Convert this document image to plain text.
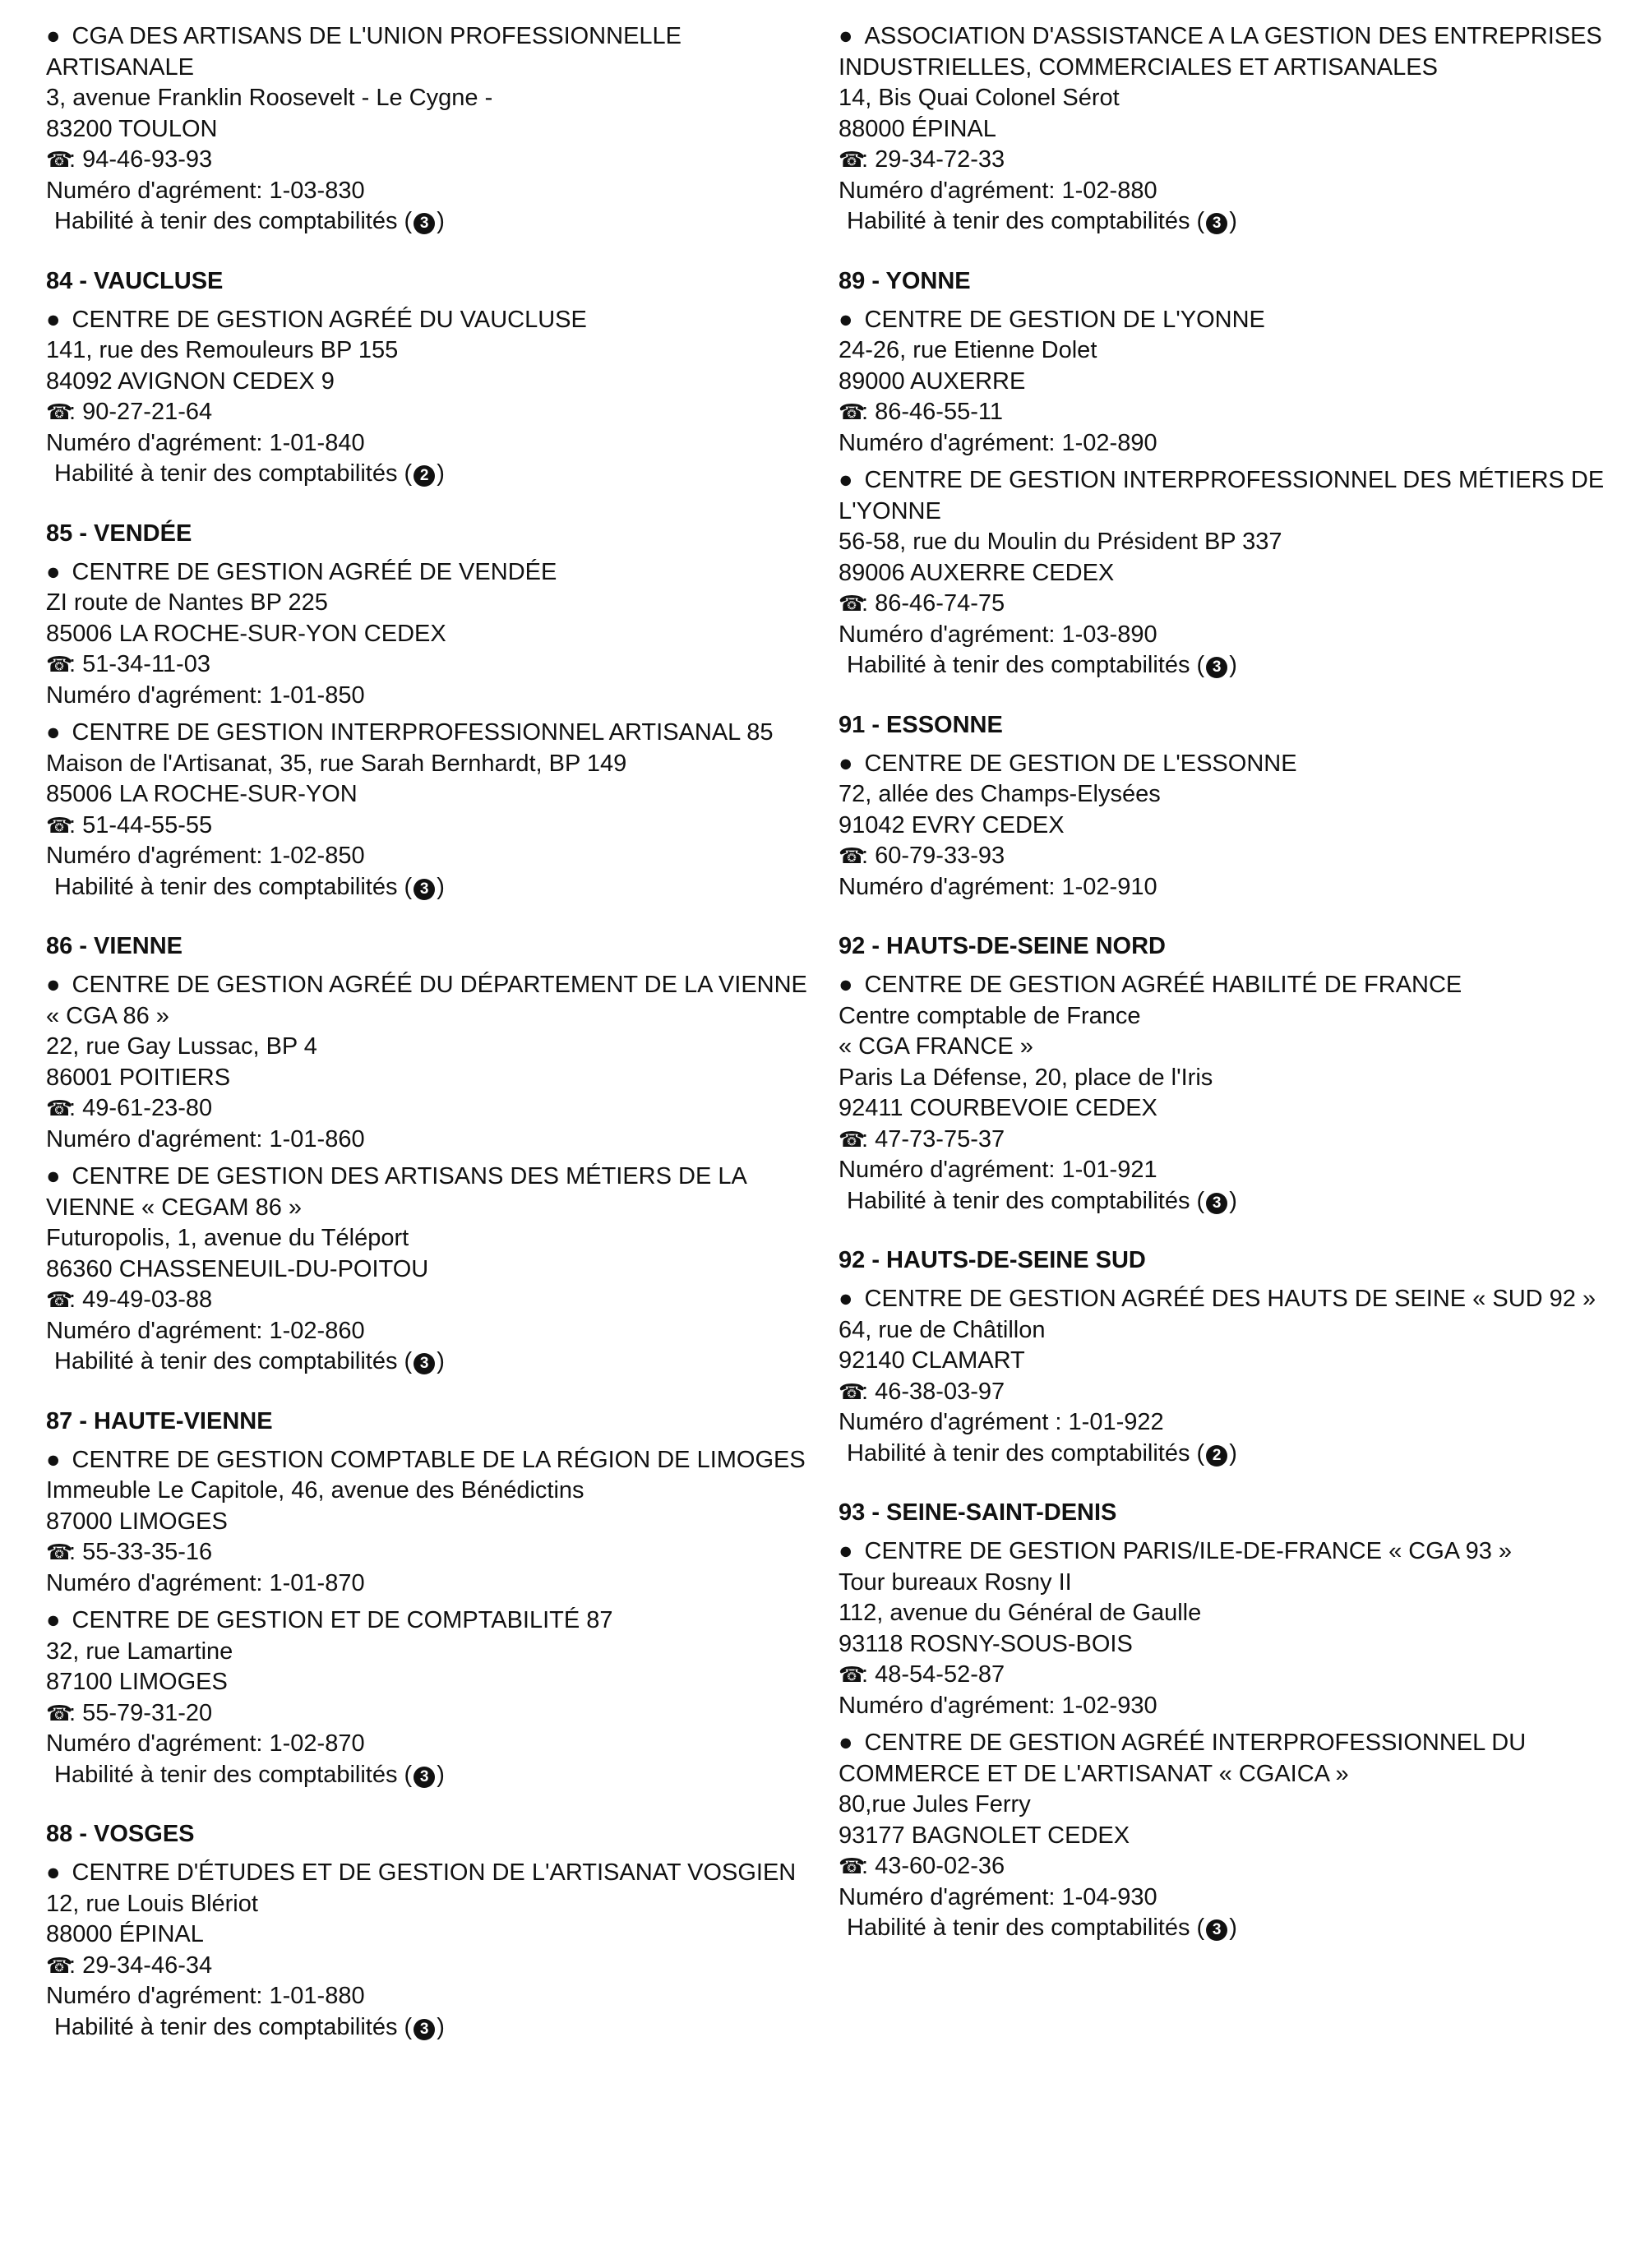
● CGA DES ARTISANS DE L'UNION PROFESSIONNELLE ARTISANALE
3, avenue Franklin Roosevelt - Le Cygne -
83200 TOULON
☎: 94-46-93-93
Numéro d'agrément: 1-03-830
Habilité à tenir des comptabilités ( 3 )
84 - VAUCLUSE
● CENTRE DE GESTION AGRÉÉ DU VAUCLUSE
141, rue des Remouleurs BP 155
84092 AVIGNON CEDEX 9
☎: 90-27-21-64
Numéro d'agrément: 1-01-840
Habilité à tenir des comptabilités ( 2 )
85 - VENDÉE
● CENTRE DE GESTION AGRÉÉ DE VENDÉE
ZI route de Nantes BP 225
85006 LA ROCHE-SUR-YON CEDEX
☎: 51-34-11-03
Numéro d'agrément: 1-01-850
● CENTRE DE GESTION INTERPROFESSIONNEL ARTISANAL 85
Maison de l'Artisanat, 35, rue Sarah Bernhardt, BP 149
85006 LA ROCHE-SUR-YON
☎: 51-44-55-55
Numéro d'agrément: 1-02-850
Habilité à tenir des comptabilités ( 3 )
86 - VIENNE
● CENTRE DE GESTION AGRÉÉ DU DÉPARTEMENT DE LA VIENNE « CGA 86 »
22, rue Gay Lussac, BP 4
86001 POITIERS
☎: 49-61-23-80
Numéro d'agrément: 1-01-860
● CENTRE DE GESTION DES ARTISANS DES MÉTIERS DE LA VIENNE « CEGAM 86 »
Futuropolis, 1, avenue du Téléport
86360 CHASSENEUIL-DU-POITOU
☎: 49-49-03-88
Numéro d'agrément: 1-02-860
Habilité à tenir des comptabilités ( 3 )
87 - HAUTE-VIENNE
● CENTRE DE GESTION COMPTABLE DE LA RÉGION DE LIMOGES
Immeuble Le Capitole, 46, avenue des Bénédictins
87000 LIMOGES
☎: 55-33-35-16
Numéro d'agrément: 1-01-870
● CENTRE DE GESTION ET DE COMPTABILITÉ 87
32, rue Lamartine
87100 LIMOGES
☎: 55-79-31-20
Numéro d'agrément: 1-02-870
Habilité à tenir des comptabilités ( 3 )
88 - VOSGES
● CENTRE D'ÉTUDES ET DE GESTION DE L'ARTISANAT VOSGIEN
12, rue Louis Blériot
88000 ÉPINAL
☎: 29-34-46-34
Numéro d'agrément: 1-01-880
Habilité à tenir des comptabilités ( 3 )
● ASSOCIATION D'ASSISTANCE A LA GESTION DES ENTREPRISES INDUSTRIELLES, COMMERCIALES ET ARTISANALES
14, Bis Quai Colonel Sérot
88000 ÉPINAL
☎: 29-34-72-33
Numéro d'agrément: 1-02-880
Habilité à tenir des comptabilités ( 3 )
89 - YONNE
● CENTRE DE GESTION DE L'YONNE
24-26, rue Etienne Dolet
89000 AUXERRE
☎: 86-46-55-11
Numéro d'agrément: 1-02-890
● CENTRE DE GESTION INTERPROFESSIONNEL DES MÉTIERS DE L'YONNE
56-58, rue du Moulin du Président BP 337
89006 AUXERRE CEDEX
☎: 86-46-74-75
Numéro d'agrément: 1-03-890
Habilité à tenir des comptabilités ( 3 )
91 - ESSONNE
● CENTRE DE GESTION DE L'ESSONNE
72, allée des Champs-Elysées
91042 EVRY CEDEX
☎: 60-79-33-93
Numéro d'agrément: 1-02-910
92 - HAUTS-DE-SEINE NORD
● CENTRE DE GESTION AGRÉÉ HABILITÉ DE FRANCE
Centre comptable de France
« CGA FRANCE »
Paris La Défense, 20, place de l'Iris
92411 COURBEVOIE CEDEX
☎: 47-73-75-37
Numéro d'agrément: 1-01-921
Habilité à tenir des comptabilités ( 3 )
92 - HAUTS-DE-SEINE SUD
● CENTRE DE GESTION AGRÉÉ DES HAUTS DE SEINE « SUD 92 »
64, rue de Châtillon
92140 CLAMART
☎: 46-38-03-97
Numéro d'agrément : 1-01-922
Habilité à tenir des comptabilités ( 2 )
93 - SEINE-SAINT-DENIS
● CENTRE DE GESTION PARIS/ILE-DE-FRANCE « CGA 93 »
Tour bureaux Rosny II
112, avenue du Général de Gaulle
93118 ROSNY-SOUS-BOIS
☎: 48-54-52-87
Numéro d'agrément: 1-02-930
● CENTRE DE GESTION AGRÉÉ INTERPROFESSIONNEL DU COMMERCE ET DE L'ARTISANAT « CGAICA »
80,rue Jules Ferry
93177 BAGNOLET CEDEX
☎: 43-60-02-36
Numéro d'agrément: 1-04-930
Habilité à tenir des comptabilités ( 3 )
